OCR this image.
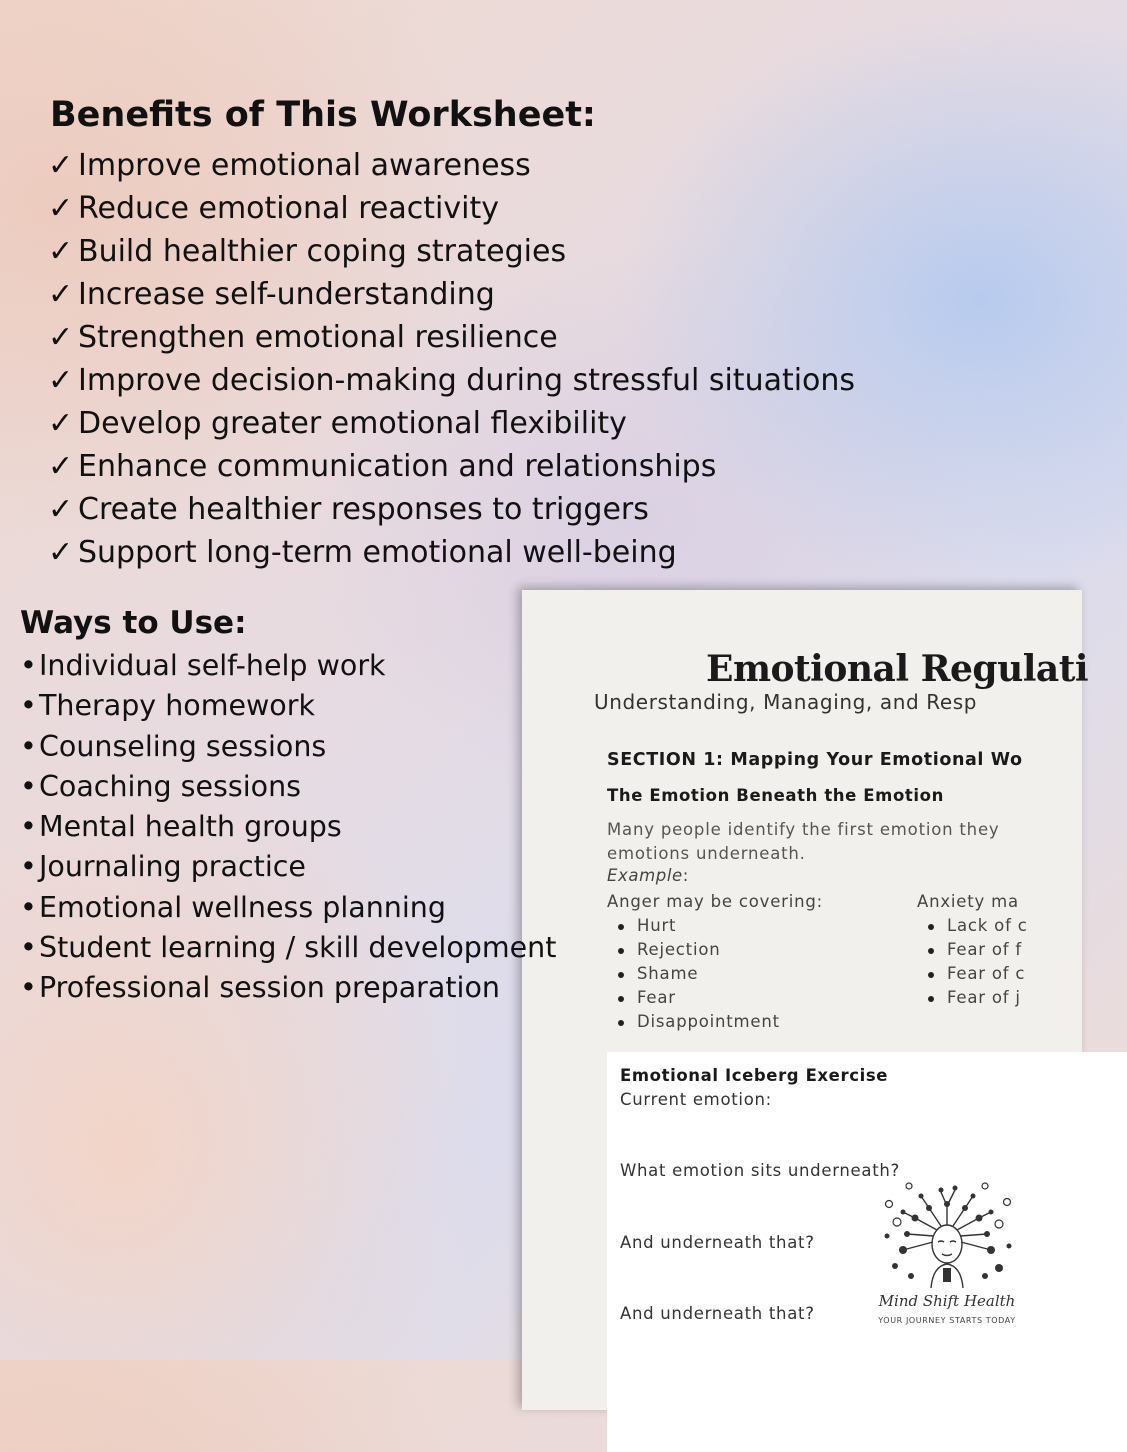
Benefits of This Worksheet:
✓ Improve emotional awareness
✓ Reduce emotional reactivity
✓ Build healthier coping strategies
✓ Increase self-understanding
✓ Strengthen emotional resilience
✓ Improve decision-making during stressful situations
✓ Develop greater emotional flexibility
✓ Enhance communication and relationships
✓ Create healthier responses to triggers
✓ Support long-term emotional well-being
Emotional Regulati
Understanding, Managing, and Resp
SECTION 1: Mapping Your Emotional Wo
The Emotion Beneath the Emotion
Many people identify the first emotion they
emotions underneath.
Example:
Anger may be covering:
Hurt
Rejection
Shame
Fear
Disappointment
Anxiety ma
Lack of c
Fear of f
Fear of c
Fear of j
Emotional Iceberg Exercise
Current emotion:
What emotion sits underneath?
And underneath that?
And underneath that?
Mind Shift Health
YOUR JOURNEY STARTS TODAY
Ways to Use:
•Individual self-help work
•Therapy homework
•Counseling sessions
•Coaching sessions
•Mental health groups
•Journaling practice
•Emotional wellness planning
•Student learning / skill development
•Professional session preparation
